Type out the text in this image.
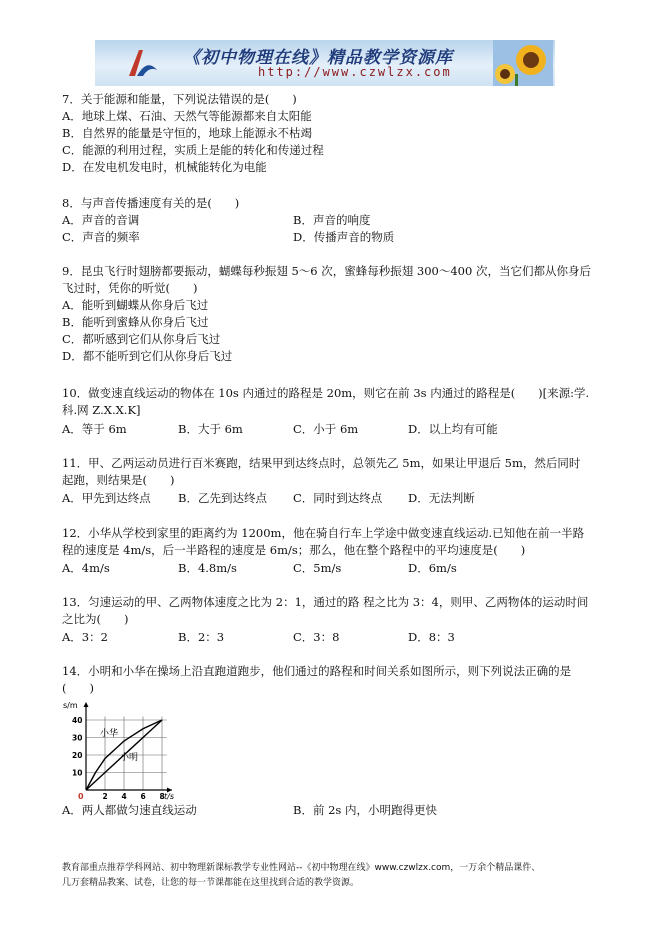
《初中物理在线》精品教学资源库
http://www.czwlzx.com
7．关于能源和能量，下列说法错误的是(　　)
A．地球上煤、石油、天然气等能源都来自太阳能
B．自然界的能量是守恒的，地球上能源永不枯竭
C．能源的利用过程，实质上是能的转化和传递过程
D．在发电机发电时，机械能转化为电能
8．与声音传播速度有关的是(　　)
A．声音的音调	B．声音的响度
C．声音的频率	D．传播声音的物质
9．昆虫飞行时翅膀都要振动，蝴蝶每秒振翅 5～6 次，蜜蜂每秒振翅 300～400 次，当它们都从你身后
飞过时，凭你的听觉(　　)
A．能听到蝴蝶从你身后飞过
B．能听到蜜蜂从你身后飞过
C．都听感到它们从你身后飞过
D．都不能听到它们从你身后飞过
10．做变速直线运动的物体在 10s 内通过的路程是 20m，则它在前 3s 内通过的路程是(　　)[来源:学.
科.网 Z.X.X.K]
A．等于 6m	B．大于 6m	C．小于 6m	D．以上均有可能
11．甲、乙两运动员进行百米赛跑，结果甲到达终点时，总领先乙 5m，如果让甲退后 5m，然后同时
起跑，则结果是(　　)
A．甲先到达终点 B．乙先到达终点 C．同时到达终点 D．无法判断
12．小华从学校到家里的距离约为 1200m，他在骑自行车上学途中做变速直线运动.已知他在前一半路
程的速度是 4m/s，后一半路程的速度是 6m/s；那么，他在整个路程中的平均速度是(　　)
A．4m/s	B．4.8m/s	C．5m/s	D．6m/s
13．匀速运动的甲、乙两物体速度之比为 2：1，通过的路 程之比为 3：4，则甲、乙两物体的运动时间
之比为(　　)
A．3：2	B．2：3	C．3：8	D．8：3
14．小明和小华在操场上沿直跑道跑步，他们通过的路程和时间关系如图所示，则下列说法正确的是
(　　)
s/m
t/s
0	2 4 6 8
10
20
30
40
小华
小明
A．两人都做匀速直线运动	B．前 2s 内，小明跑得更快
教育部重点推荐学科网站、初中物理新课标教学专业性网站--《初中物理在线》www.czwlzx.com，一万余个精品课件、
几万套精品教案、试卷，让您的每一节课都能在这里找到合适的教学资源。
